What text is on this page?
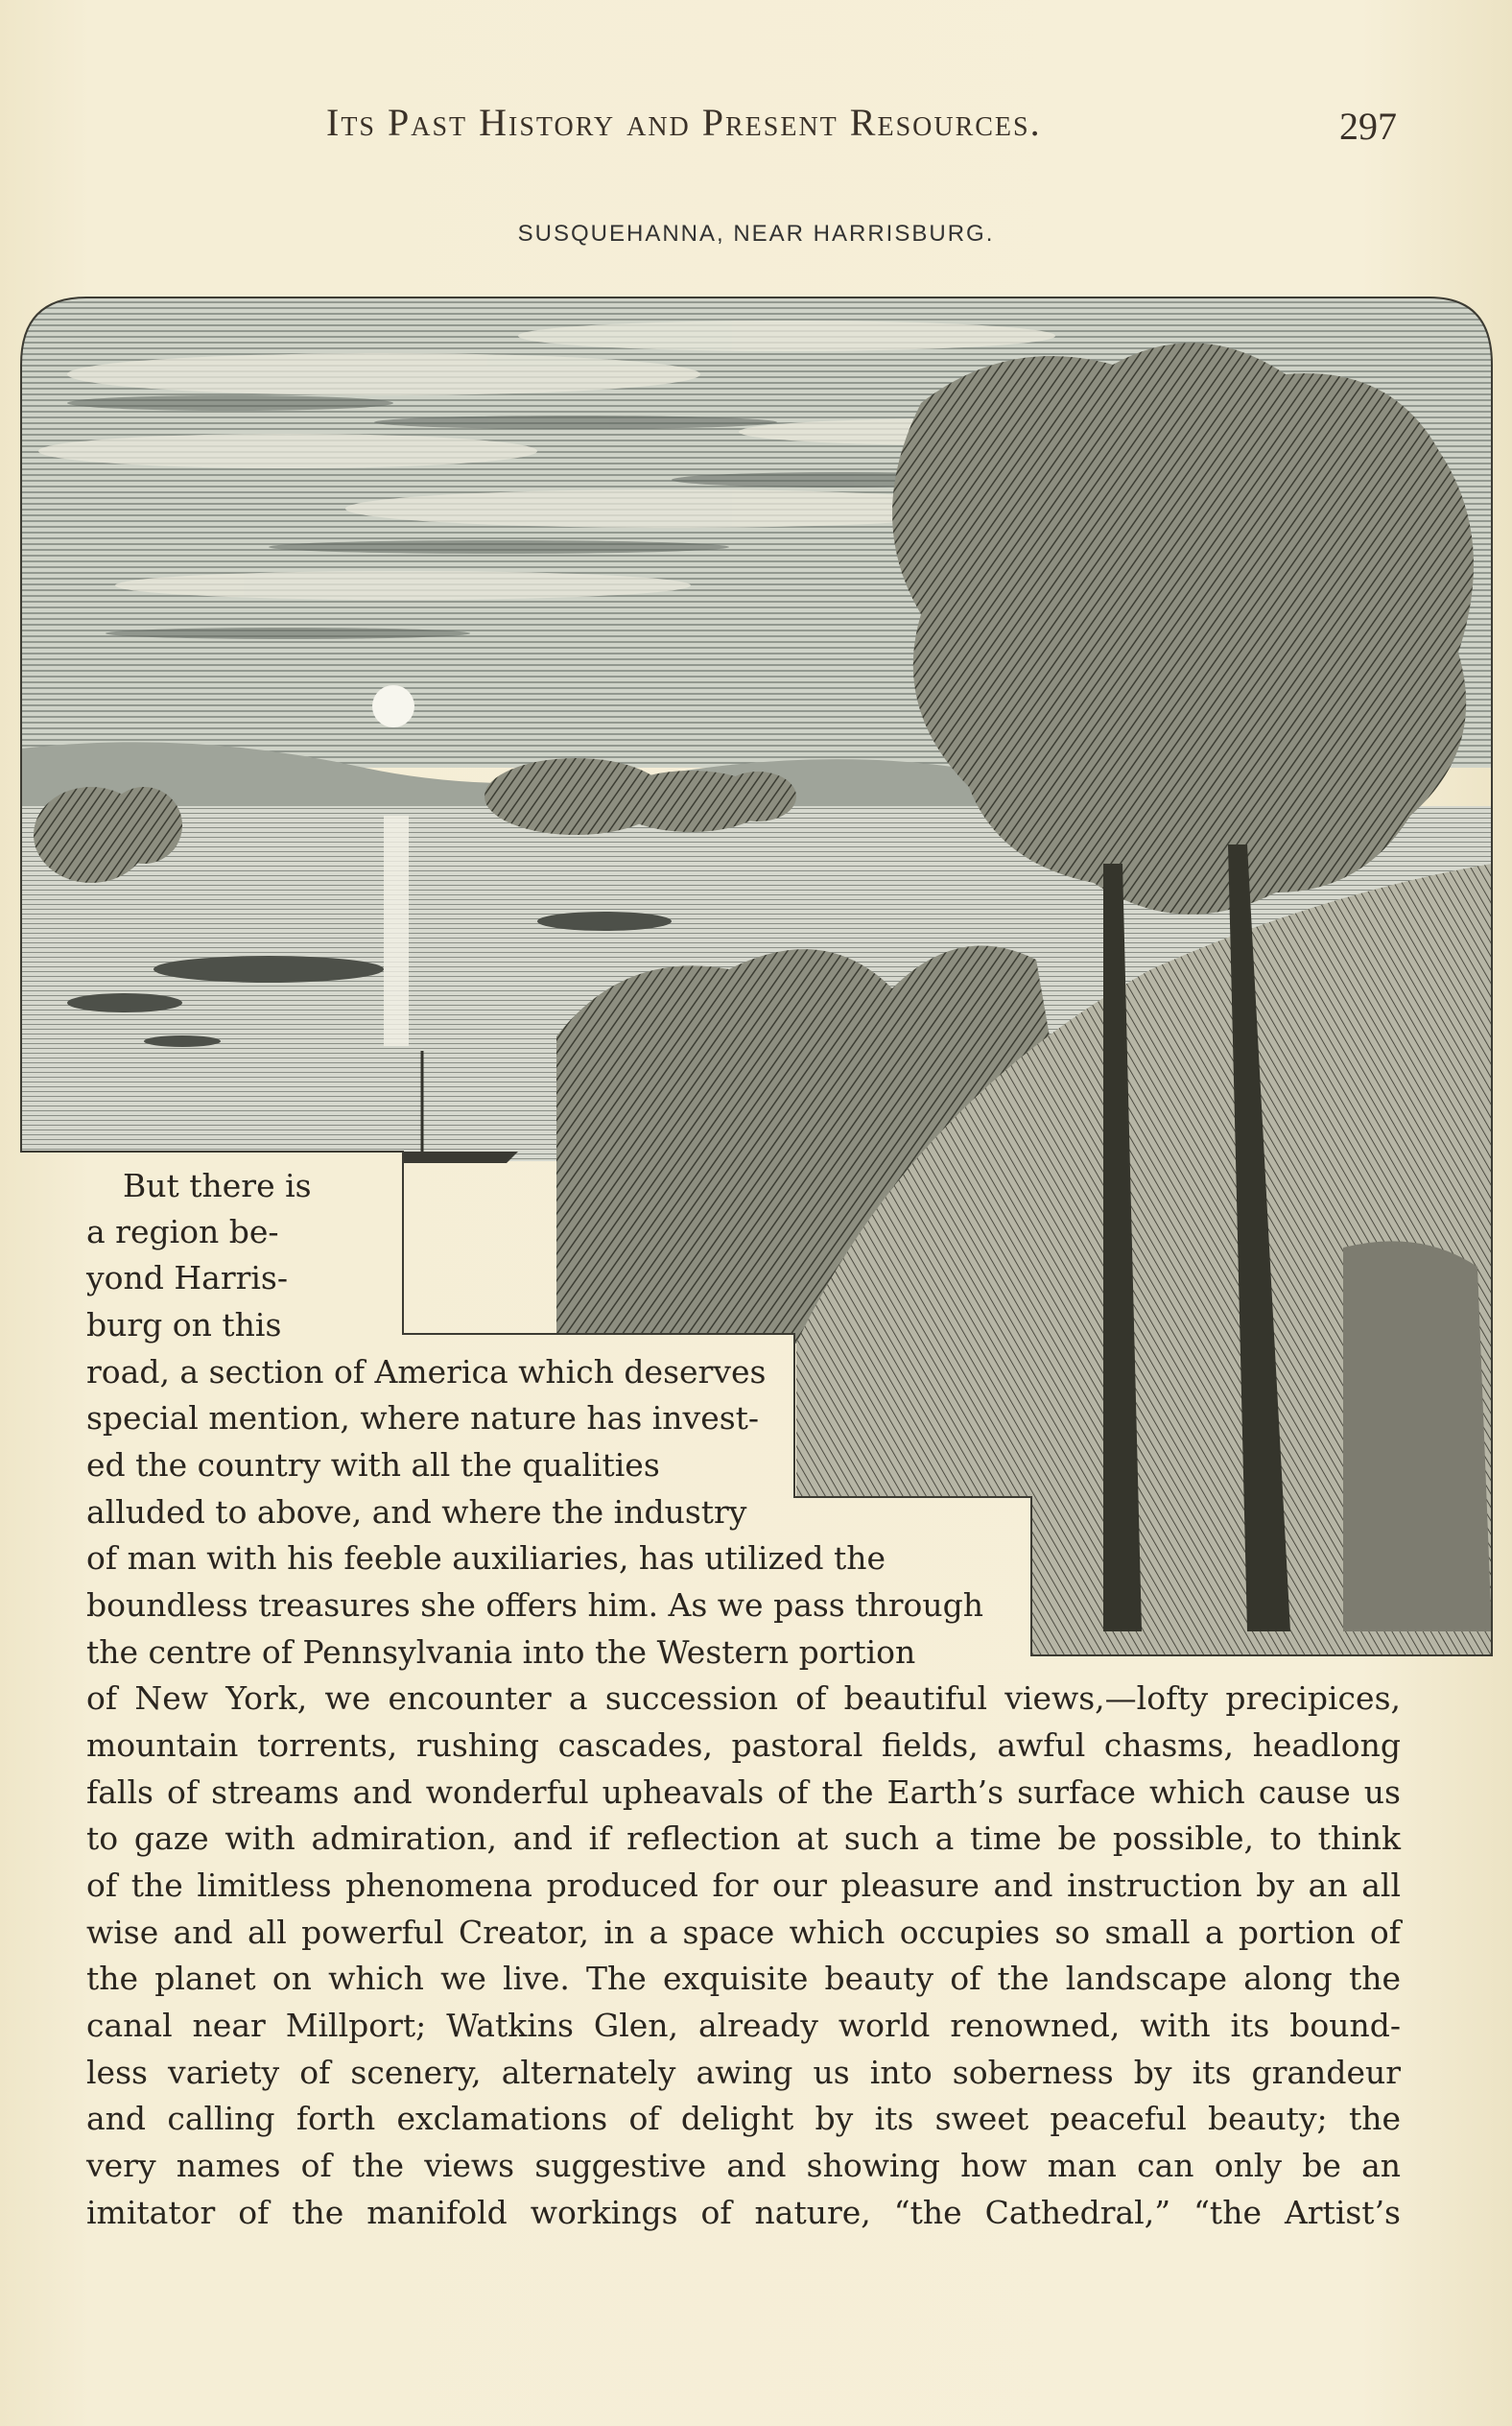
Its Past History and Present Resources.	297
SUSQUEHANNA, NEAR HARRISBURG.
But there is
a region be-
yond Harris-
burg on this
road, a section of America which deserves
special mention, where nature has invest-
ed the country with all the qualities
alluded to above, and where the industry
of man with his feeble auxiliaries, has utilized the
boundless treasures she offers him. As we pass through
the centre of Pennsylvania into the Western portion
of New York, we encounter a succession of beautiful views,—lofty precipices,
mountain torrents, rushing cascades, pastoral fields, awful chasms, headlong
falls of streams and wonderful upheavals of the Earth’s surface which cause us
to gaze with admiration, and if reflection at such a time be possible, to think
of the limitless phenomena produced for our pleasure and instruction by an all
wise and all powerful Creator, in a space which occupies so small a portion of
the planet on which we live. The exquisite beauty of the landscape along the
canal near Millport; Watkins Glen, already world renowned, with its bound-
less variety of scenery, alternately awing us into soberness by its grandeur
and calling forth exclamations of delight by its sweet peaceful beauty; the
very names of the views suggestive and showing how man can only be an
imitator of the manifold workings of nature, “the Cathedral,” “the Artist’s
